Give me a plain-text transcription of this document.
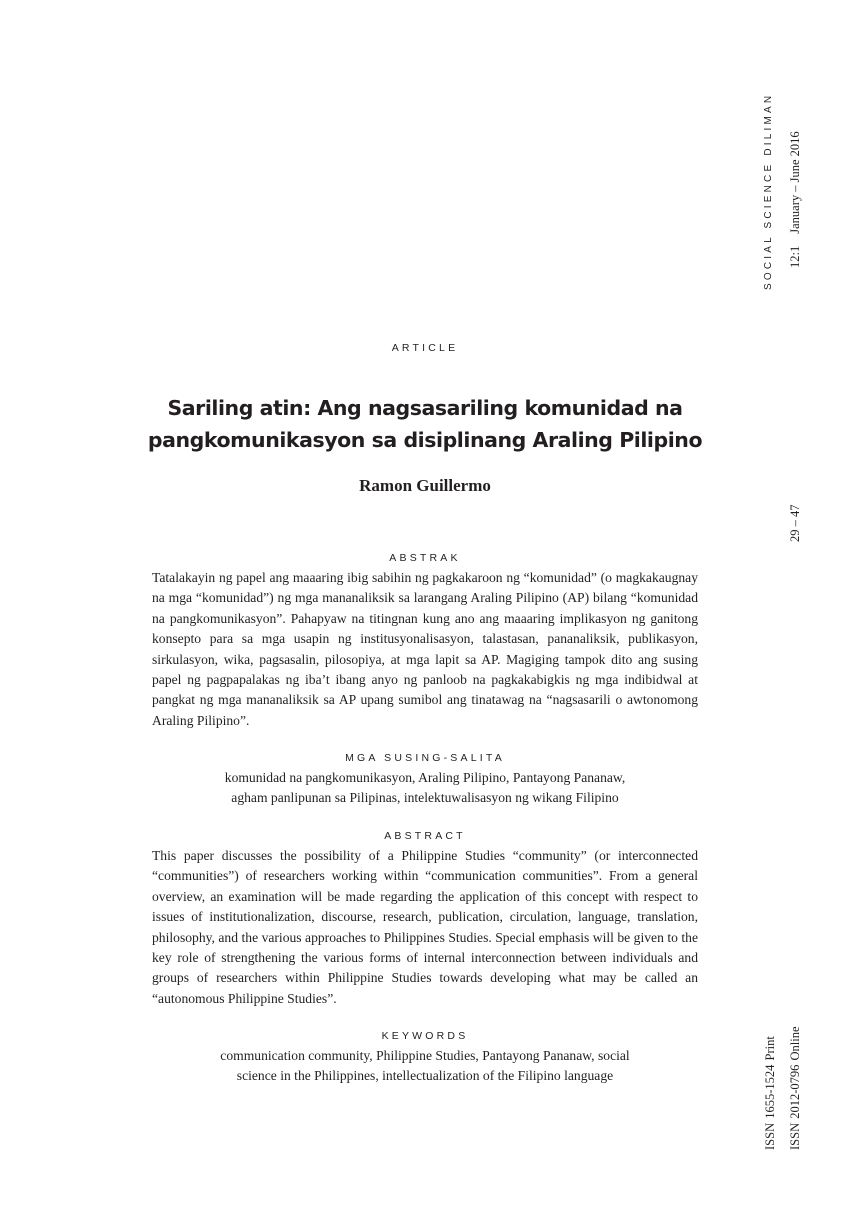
SOCIAL SCIENCE DILIMAN 12:1January – June 2016
29 – 47
ISSN 1655-1524 Print ISSN 2012-0796 Online
ARTICLE
Sariling atin: Ang nagsasariling komunidad na pangkomunikasyon sa disiplinang Araling Pilipino
Ramon Guillermo
ABSTRAK

Tatalakayin ng papel ang maaaring ibig sabihin ng pagkakaroon ng “komunidad” (o magkakaugnay na mga “komunidad”) ng mga mananaliksik sa larangang Araling Pilipino (AP) bilang “komunidad na pangkomunikasyon”. Pahapyaw na titingnan kung ano ang maaaring implikasyon ng ganitong konsepto para sa mga usapin ng institusyonalisasyon, talastasan, pananaliksik, publikasyon, sirkulasyon, wika, pagsasalin, pilosopiya, at mga lapit sa AP. Magiging tampok dito ang susing papel ng pagpapalakas ng iba’t ibang anyo ng panloob na pagkakabigkis ng mga indibidwal at pangkat ng mga mananaliksik sa AP upang sumibol ang tinatawag na “nagsasarili o awtonomong Araling Pilipino”.

MGA SUSING-SALITA

komunidad na pangkomunikasyon, Araling Pilipino, Pantayong Pananaw,
agham panlipunan sa Pilipinas, intelektuwalisasyon ng wikang Filipino

ABSTRACT

This paper discusses the possibility of a Philippine Studies “community” (or interconnected “communities”) of researchers working within “communication communities”. From a general overview, an examination will be made regarding the application of this concept with respect to issues of institutionalization, discourse, research, publication, circulation, language, translation, philosophy, and the various approaches to Philippines Studies. Special emphasis will be given to the key role of strengthening the various forms of internal interconnection between individuals and groups of researchers within Philippine Studies towards developing what may be called an “autonomous Philippine Studies”.

KEYWORDS

communication community, Philippine Studies, Pantayong Pananaw, social
science in the Philippines, intellectualization of the Filipino language
